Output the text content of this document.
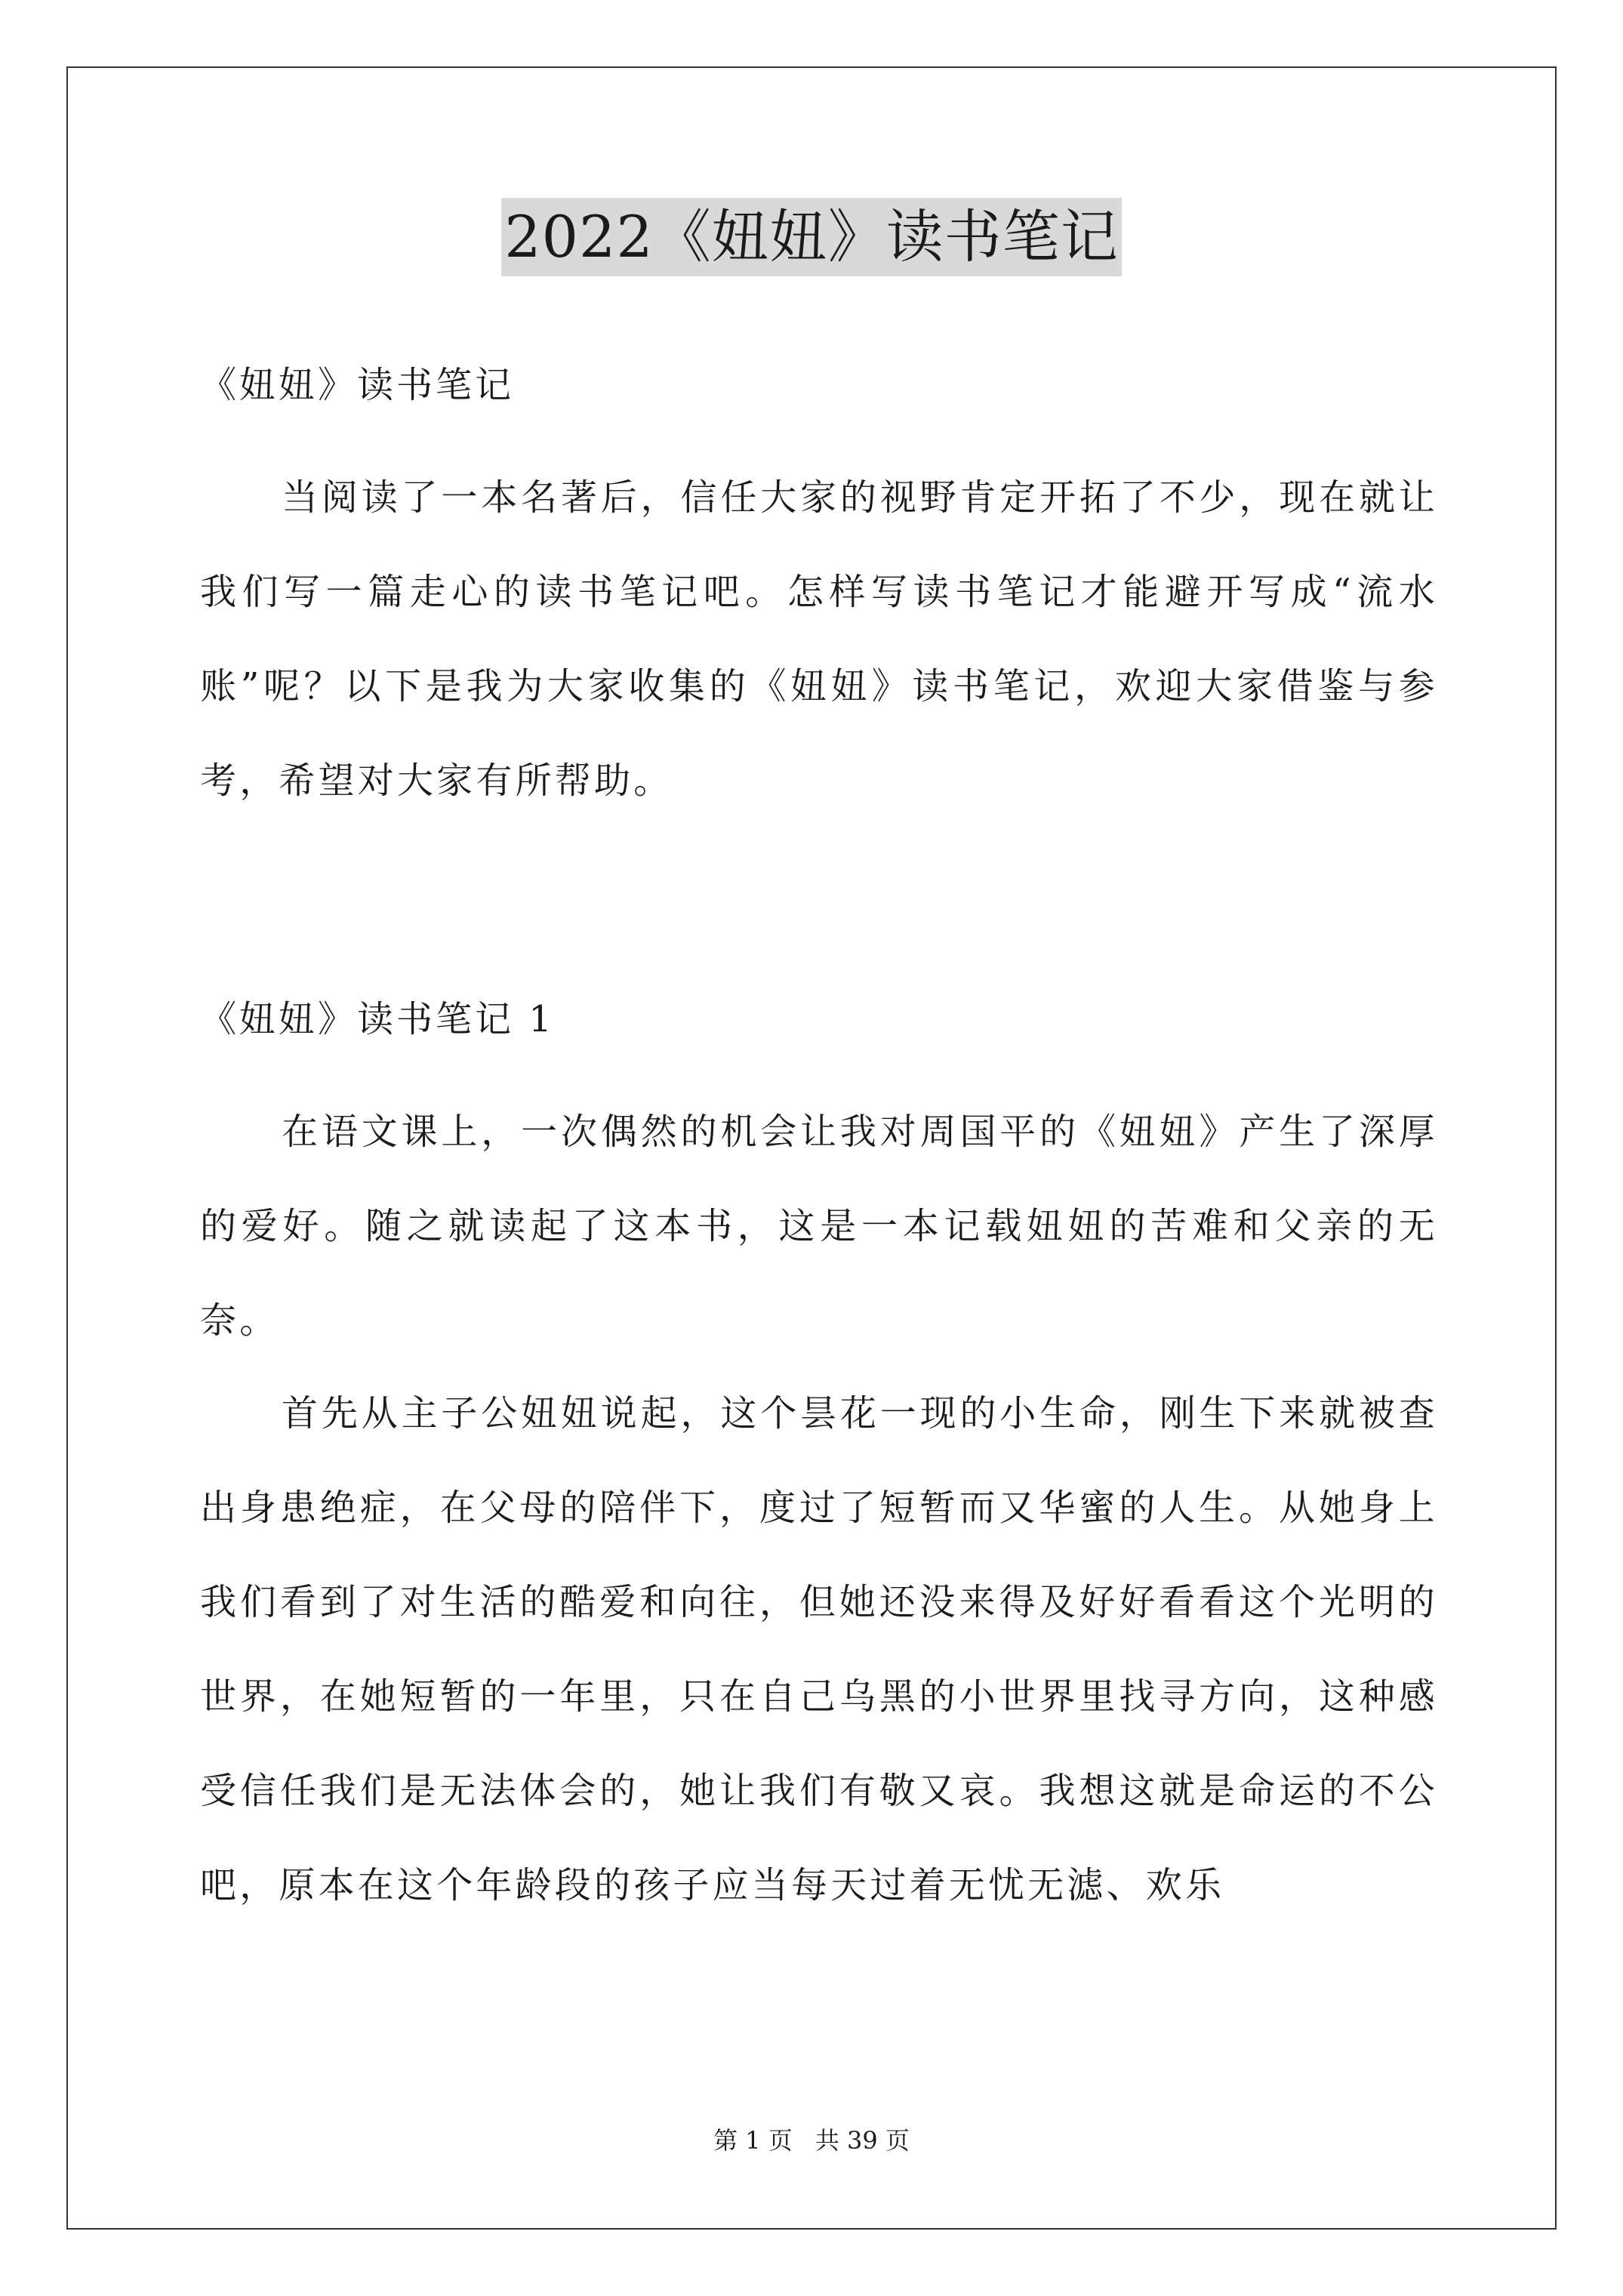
2022《妞妞》读书笔记
《妞妞》读书笔记

当阅读了一本名著后，信任大家的视野肯定开拓了不少，现在就让我们写一篇走心的读书笔记吧。怎样写读书笔记才能避开写成“流水账”呢？以下是我为大家收集的《妞妞》读书笔记，欢迎大家借鉴与参考，希望对大家有所帮助。

《妞妞》读书笔记 1

在语文课上，一次偶然的机会让我对周国平的《妞妞》产生了深厚的爱好。随之就读起了这本书，这是一本记载妞妞的苦难和父亲的无奈。

首先从主子公妞妞说起，这个昙花一现的小生命，刚生下来就被查出身患绝症，在父母的陪伴下，度过了短暂而又华蜜的人生。从她身上我们看到了对生活的酷爱和向往，但她还没来得及好好看看这个光明的世界，在她短暂的一年里，只在自己乌黑的小世界里找寻方向，这种感受信任我们是无法体会的，她让我们有敬又哀。我想这就是命运的不公吧，原本在这个年龄段的孩子应当每天过着无忧无滤、欢乐

第 1 页 共 39 页
